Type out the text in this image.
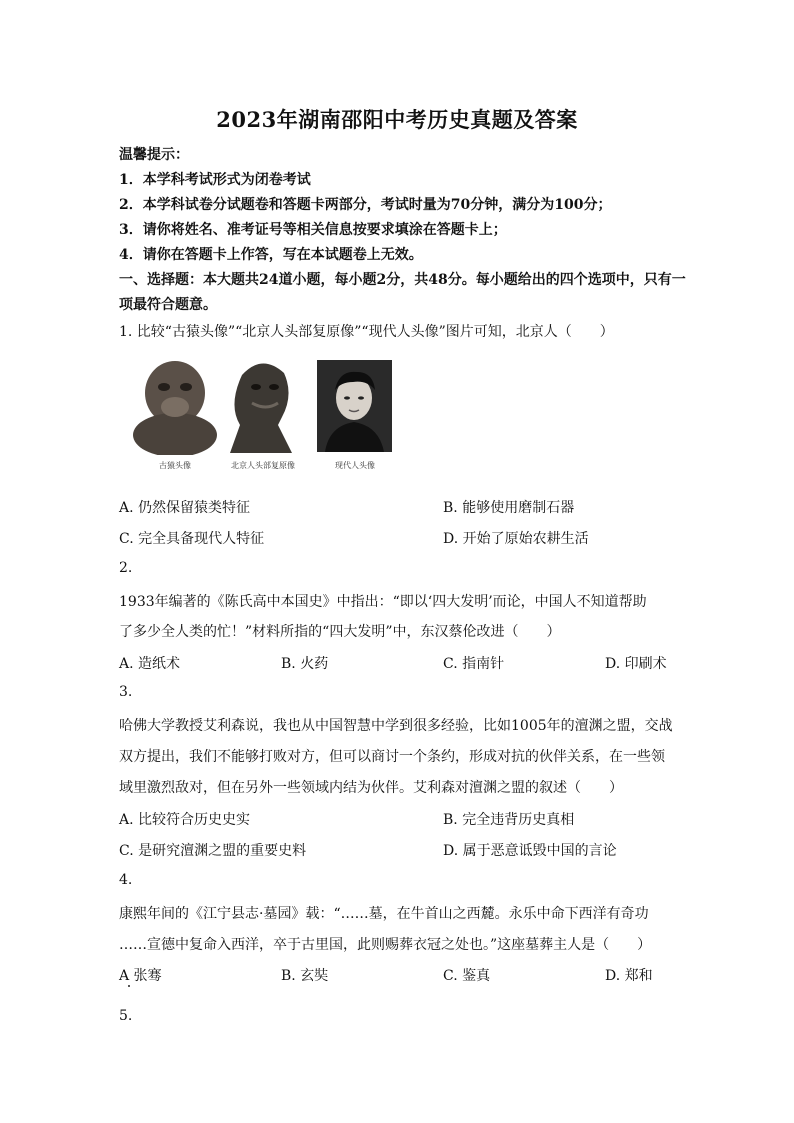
2023年湖南邵阳中考历史真题及答案
温馨提示：
1．本学科考试形式为闭卷考试
2．本学科试卷分试题卷和答题卡两部分，考试时量为70分钟，满分为100分；
3．请你将姓名、准考证号等相关信息按要求填涂在答题卡上；
4．请你在答题卡上作答，写在本试题卷上无效。
一、选择题：本大题共24道小题，每小题2分，共48分。每小题给出的四个选项中，只有一
项最符合题意。
1. 比较“古猿头像”“北京人头部复原像”“现代人头像”图片可知，北京人（　　）
古猿头像	北京人头部复原像	现代人头像
A. 仍然保留猿类特征	B. 能够使用磨制石器
C. 完全具备现代人特征	D. 开始了原始农耕生活
2.
1933年编著的《陈氏高中本国史》中指出：“即以‘四大发明’而论，中国人不知道帮助
了多少全人类的忙！”材料所指的“四大发明”中，东汉蔡伦改进（　　）
A. 造纸术	B. 火药	C. 指南针	D. 印刷术
3.
哈佛大学教授艾利森说，我也从中国智慧中学到很多经验，比如1005年的澶渊之盟，交战
双方提出，我们不能够打败对方，但可以商讨一个条约，形成对抗的伙伴关系，在一些领
域里激烈敌对，但在另外一些领域内结为伙伴。艾利森对澶渊之盟的叙述（　　）
A. 比较符合历史史实	B. 完全违背历史真相
C. 是研究澶渊之盟的重要史料	D. 属于恶意诋毁中国的言论
4.
康熙年间的《江宁县志·墓园》载：“……墓，在牛首山之西麓。永乐中命下西洋有奇功
……宣德中复命入西洋，卒于古里国，此则赐葬衣冠之处也。”这座墓葬主人是（　　）
A 张骞	B. 玄奘	C. 鉴真	D. 郑和
5.
